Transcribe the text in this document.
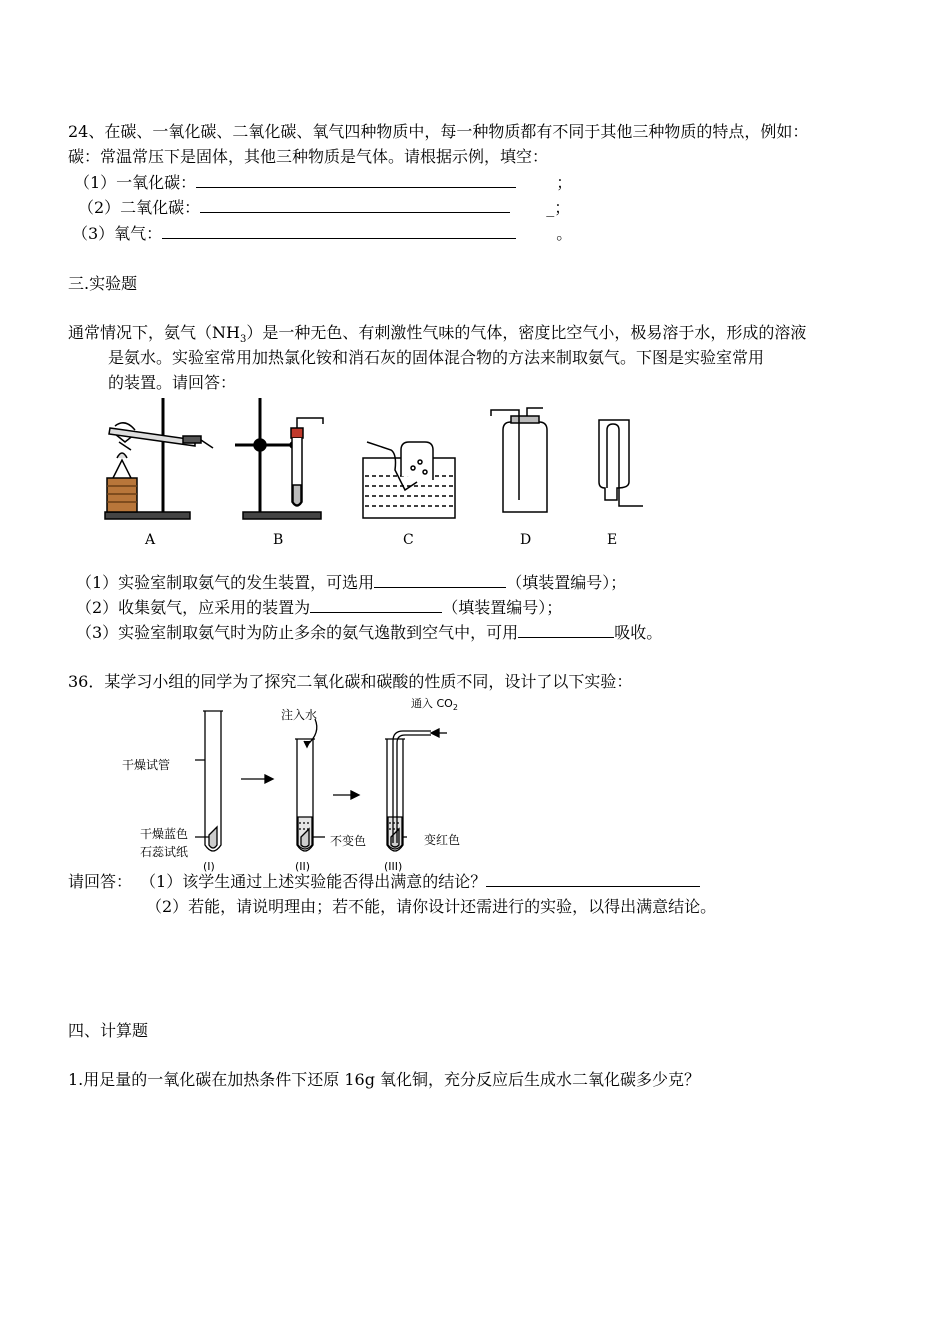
24、在碳、一氧化碳、二氧化碳、氧气四种物质中，每一种物质都有不同于其他三种物质的特点，例如：
碳：常温常压下是固体，其他三种物质是气体。请根据示例，填空：
（1）一氧化碳：	；
（2）二氧化碳：	_；
（3）氧气：	。
三.实验题
通常情况下，氨气$(NH_3)$是一种无色、有刺激性气味的气体，密度比空气小，极易溶于水，形成的溶液
是氨水。实验室常用加热氯化铵和消石灰的固体混合物的方法来制取氨气。下图是实验室常用
的装置。请回答：
A	B	C	D	E
（1）实验室制取氨气的发生装置，可选用	（填装置编号）；
（2）收集氨气，应采用的装置为	（填装置编号）；
（3）实验室制取氨气时为防止多余的氨气逸散到空气中，可用	吸收。
36．某学习小组的同学为了探究二氧化碳和碳酸的性质不同，设计了以下实验：
干燥试管
干燥蓝色
石蕊试纸
注入水
通入 $CO_2$
不变色	变红色
(I)	(II)	(III)
请回答： （1）该学生通过上述实验能否得出满意的结论？
（2）若能，请说明理由；若不能，请你设计还需进行的实验，以得出满意结论。
四、计算题
1.用足量的一氧化碳在加热条件下还原 16g 氧化铜，充分反应后生成水二氧化碳多少克？
